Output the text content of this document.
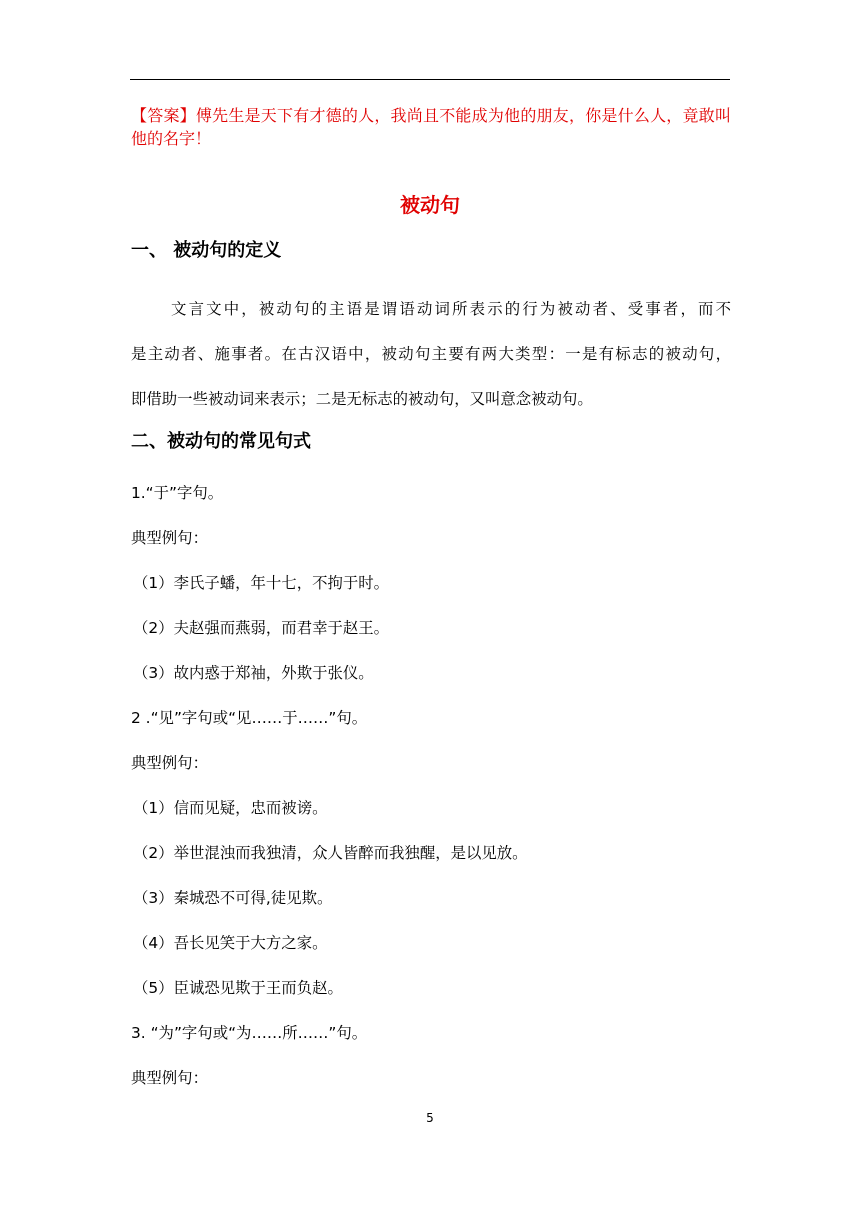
【答案】傅先生是天下有才德的人，我尚且不能成为他的朋友，你是什么人，竟敢叫他的名字！
被动句
一、 被动句的定义
文言文中，被动句的主语是谓语动词所表示的行为被动者、受事者，而不
是主动者、施事者。在古汉语中，被动句主要有两大类型：一是有标志的被动句，
即借助一些被动词来表示；二是无标志的被动句，又叫意念被动句。
二、被动句的常见句式
1.“于”字句。
典型例句：
（1）李氏子蟠，年十七，不拘于时。
（2）夫赵强而燕弱，而君幸于赵王。
（3）故内惑于郑袖，外欺于张仪。
2 .“见”字句或“见……于……”句。
典型例句：
（1）信而见疑，忠而被谤。
（2）举世混浊而我独清，众人皆醉而我独醒，是以见放。
（3）秦城恐不可得,徒见欺。
（4）吾长见笑于大方之家。
（5）臣诚恐见欺于王而负赵。
3. “为”字句或“为……所……”句。
典型例句：
5
